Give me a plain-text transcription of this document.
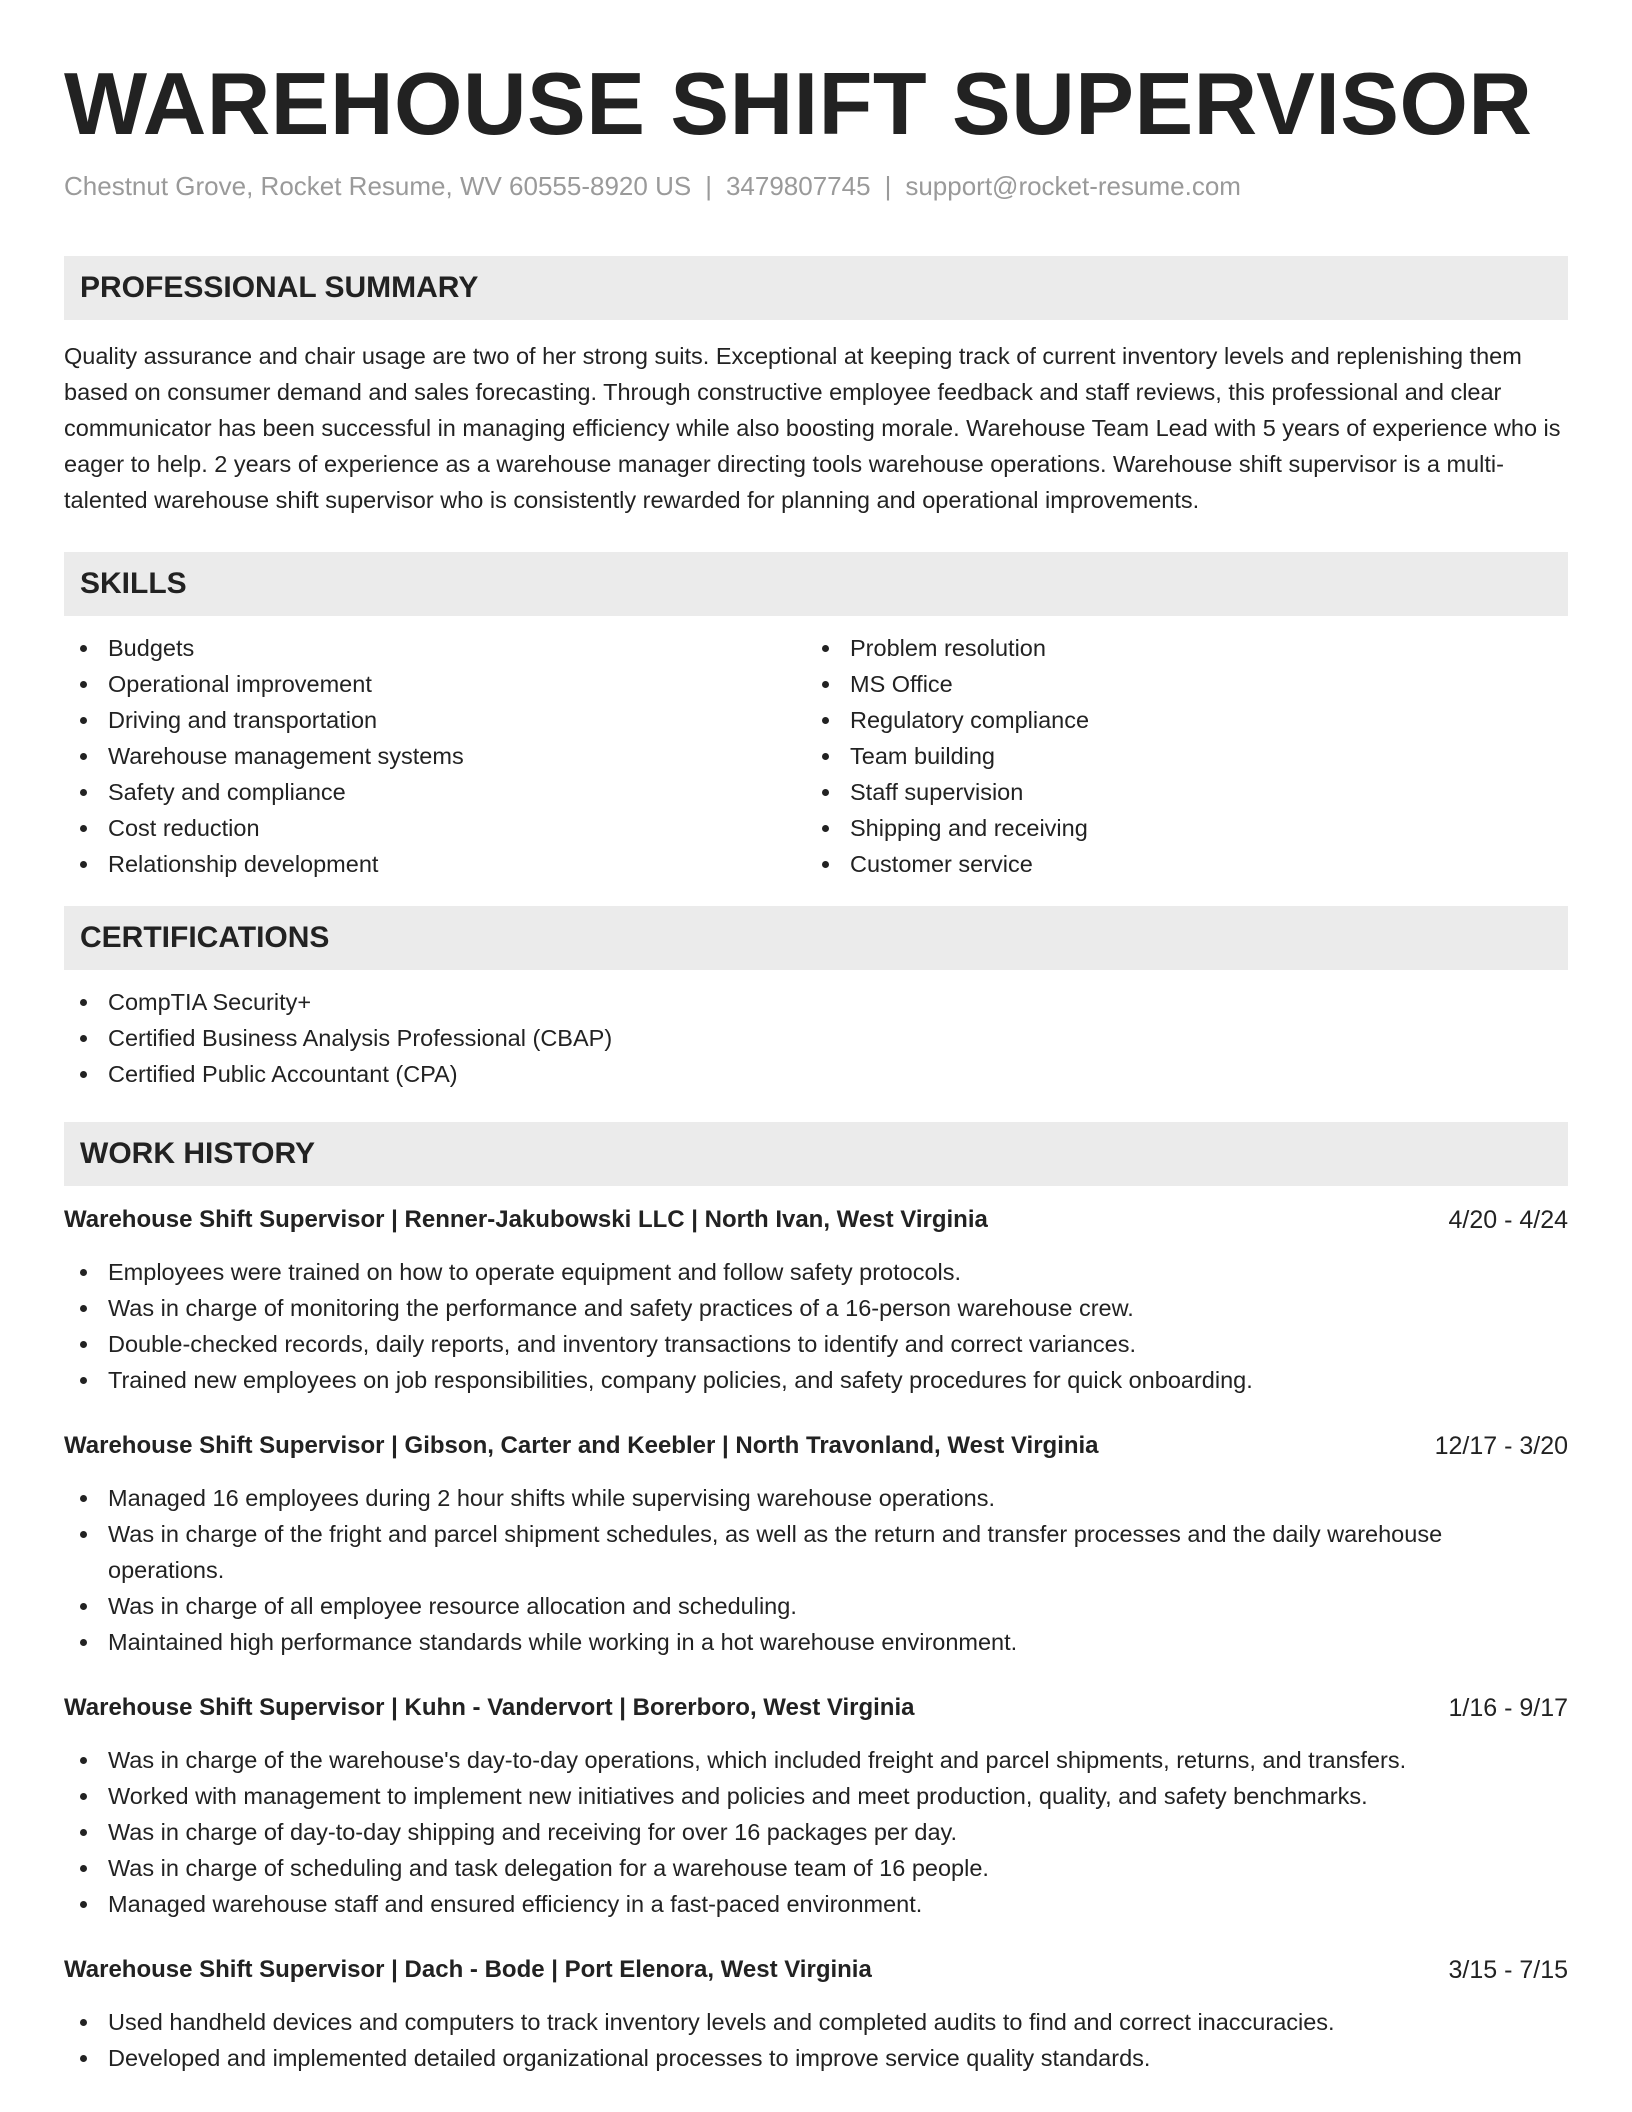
WAREHOUSE SHIFT SUPERVISOR
Chestnut Grove, Rocket Resume, WV 60555-8920 US | 3479807745 | support@rocket-resume.com
PROFESSIONAL SUMMARY
Quality assurance and chair usage are two of her strong suits. Exceptional at keeping track of current inventory levels and replenishing them based on consumer demand and sales forecasting. Through constructive employee feedback and staff reviews, this professional and clear communicator has been successful in managing efficiency while also boosting morale. Warehouse Team Lead with 5 years of experience who is eager to help. 2 years of experience as a warehouse manager directing tools warehouse operations. Warehouse shift supervisor is a multi-talented warehouse shift supervisor who is consistently rewarded for planning and operational improvements.
SKILLS
Budgets
Operational improvement
Driving and transportation
Warehouse management systems
Safety and compliance
Cost reduction
Relationship development
Problem resolution
MS Office
Regulatory compliance
Team building
Staff supervision
Shipping and receiving
Customer service
CERTIFICATIONS
CompTIA Security+
Certified Business Analysis Professional (CBAP)
Certified Public Accountant (CPA)
WORK HISTORY
Warehouse Shift Supervisor | Renner-Jakubowski LLC | North Ivan, West Virginia	4/20 - 4/24
Employees were trained on how to operate equipment and follow safety protocols.
Was in charge of monitoring the performance and safety practices of a 16-person warehouse crew.
Double-checked records, daily reports, and inventory transactions to identify and correct variances.
Trained new employees on job responsibilities, company policies, and safety procedures for quick onboarding.
Warehouse Shift Supervisor | Gibson, Carter and Keebler | North Travonland, West Virginia	12/17 - 3/20
Managed 16 employees during 2 hour shifts while supervising warehouse operations.
Was in charge of the fright and parcel shipment schedules, as well as the return and transfer processes and the daily warehouse operations.
Was in charge of all employee resource allocation and scheduling.
Maintained high performance standards while working in a hot warehouse environment.
Warehouse Shift Supervisor | Kuhn - Vandervort | Borerboro, West Virginia	1/16 - 9/17
Was in charge of the warehouse's day-to-day operations, which included freight and parcel shipments, returns, and transfers.
Worked with management to implement new initiatives and policies and meet production, quality, and safety benchmarks.
Was in charge of day-to-day shipping and receiving for over 16 packages per day.
Was in charge of scheduling and task delegation for a warehouse team of 16 people.
Managed warehouse staff and ensured efficiency in a fast-paced environment.
Warehouse Shift Supervisor | Dach - Bode | Port Elenora, West Virginia	3/15 - 7/15
Used handheld devices and computers to track inventory levels and completed audits to find and correct inaccuracies.
Developed and implemented detailed organizational processes to improve service quality standards.
